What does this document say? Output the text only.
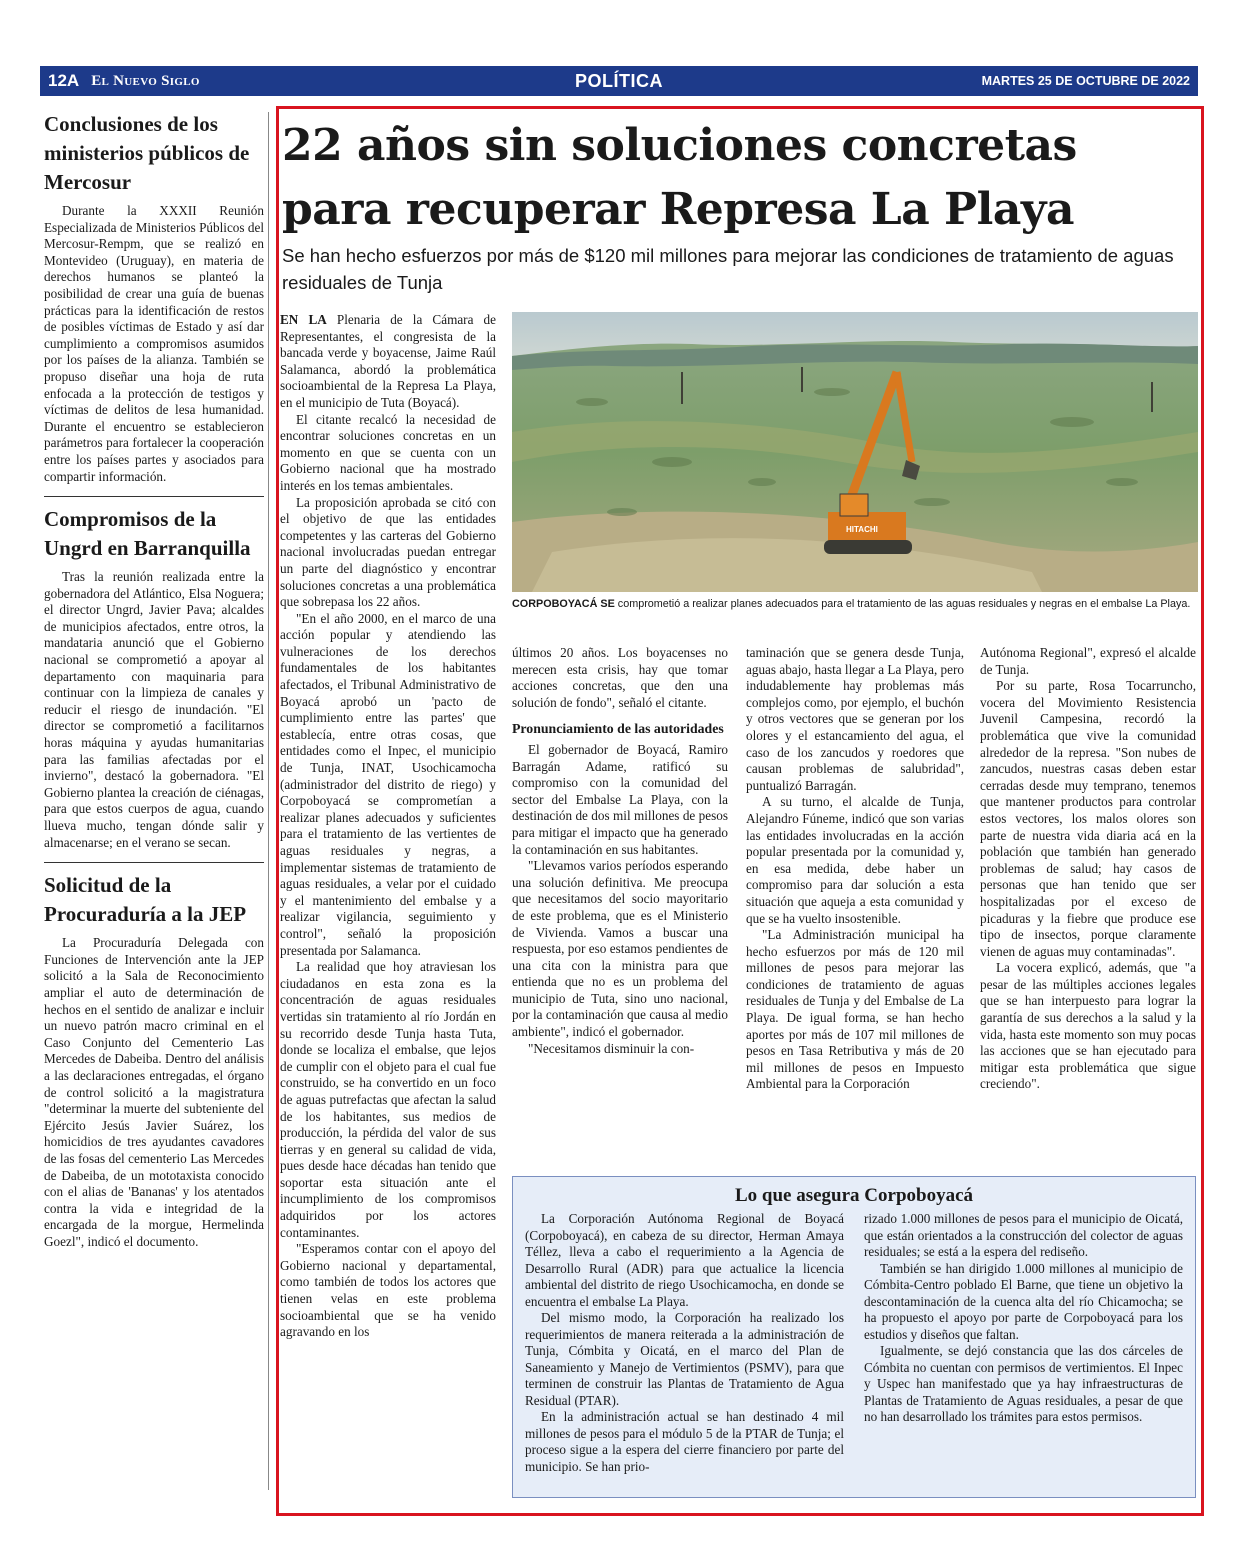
12A El Nuevo Siglo	POLÍTICA	MARTES 25 DE OCTUBRE DE 2022
Conclusiones de los ministerios públicos de Mercosur

Durante la XXXII Reunión Especializada de Ministerios Públicos del Mercosur-Rempm, que se realizó en Montevideo (Uruguay), en materia de derechos humanos se planteó la posibilidad de crear una guía de buenas prácticas para la identificación de restos de posibles víctimas de Estado y así dar cumplimiento a compromisos asumidos por los países de la alianza. También se propuso diseñar una hoja de ruta enfocada a la protección de testigos y víctimas de delitos de lesa humanidad. Durante el encuentro se establecieron parámetros para fortalecer la cooperación entre los países partes y asociados para compartir información.

Compromisos de la Ungrd en Barranquilla

Tras la reunión realizada entre la gobernadora del Atlántico, Elsa Noguera; el director Ungrd, Javier Pava; alcaldes de municipios afectados, entre otros, la mandataria anunció que el Gobierno nacional se comprometió a apoyar al departamento con maquinaria para continuar con la limpieza de canales y reducir el riesgo de inundación. "El director se comprometió a facilitarnos horas máquina y ayudas humanitarias para las familias afectadas por el invierno", destacó la gobernadora. "El Gobierno plantea la creación de ciénagas, para que estos cuerpos de agua, cuando llueva mucho, tengan dónde salir y almacenarse; en el verano se secan.

Solicitud de la Procuraduría a la JEP

La Procuraduría Delegada con Funciones de Intervención ante la JEP solicitó a la Sala de Reconocimiento ampliar el auto de determinación de hechos en el sentido de analizar e incluir un nuevo patrón macro criminal en el Caso Conjunto del Cementerio Las Mercedes de Dabeiba. Dentro del análisis a las declaraciones entregadas, el órgano de control solicitó a la magistratura "determinar la muerte del subteniente del Ejército Jesús Javier Suárez, los homicidios de tres ayudantes cavadores de las fosas del cementerio Las Mercedes de Dabeiba, de un mototaxista conocido con el alias de 'Bananas' y los atentados contra la vida e integridad de la encargada de la morgue, Hermelinda Goezl", indicó el documento.

22 años sin soluciones concretas para recuperar Represa La Playa
Se han hecho esfuerzos por más de $120 mil millones para mejorar las condiciones de tratamiento de aguas residuales de Tunja
HITACHI
CORPOBOYACÁ SE comprometió a realizar planes adecuados para el tratamiento de las aguas residuales y negras en el embalse La Playa.

EN LA Plenaria de la Cámara de Representantes, el congresista de la bancada verde y boyacense, Jaime Raúl Salamanca, abordó la problemática socioambiental de la Represa La Playa, en el municipio de Tuta (Boyacá).

El citante recalcó la necesidad de encontrar soluciones concretas en un momento en que se cuenta con un Gobierno nacional que ha mostrado interés en los temas ambientales.

La proposición aprobada se citó con el objetivo de que las entidades competentes y las carteras del Gobierno nacional involucradas puedan entregar un parte del diagnóstico y encontrar soluciones concretas a una problemática que sobrepasa los 22 años.

"En el año 2000, en el marco de una acción popular y atendiendo las vulneraciones de los derechos fundamentales de los habitantes afectados, el Tribunal Administrativo de Boyacá aprobó un 'pacto de cumplimiento entre las partes' que establecía, entre otras cosas, que entidades como el Inpec, el municipio de Tunja, INAT, Usochicamocha (administrador del distrito de riego) y Corpoboyacá se comprometían a realizar planes adecuados y suficientes para el tratamiento de las vertientes de aguas residuales y negras, a implementar sistemas de tratamiento de aguas residuales, a velar por el cuidado y el mantenimiento del embalse y a realizar vigilancia, seguimiento y control", señaló la proposición presentada por Salamanca.

La realidad que hoy atraviesan los ciudadanos en esta zona es la concentración de aguas residuales vertidas sin tratamiento al río Jordán en su recorrido desde Tunja hasta Tuta, donde se localiza el embalse, que lejos de cumplir con el objeto para el cual fue construido, se ha convertido en un foco de aguas putrefactas que afectan la salud de los habitantes, sus medios de producción, la pérdida del valor de sus tierras y en general su calidad de vida, pues desde hace décadas han tenido que soportar esta situación ante el incumplimiento de los compromisos adquiridos por los actores contaminantes.

"Esperamos contar con el apoyo del Gobierno nacional y departamental, como también de todos los actores que tienen velas en este problema socioambiental que se ha venido agravando en los

últimos 20 años. Los boyacenses no merecen esta crisis, hay que tomar acciones concretas, que den una solución de fondo", señaló el citante.

Pronunciamiento de las autoridades

El gobernador de Boyacá, Ramiro Barragán Adame, ratificó su compromiso con la comunidad del sector del Embalse La Playa, con la destinación de dos mil millones de pesos para mitigar el impacto que ha generado la contaminación en sus habitantes.

"Llevamos varios períodos esperando una solución definitiva. Me preocupa que necesitamos del socio mayoritario de este problema, que es el Ministerio de Vivienda. Vamos a buscar una respuesta, por eso estamos pendientes de una cita con la ministra para que entienda que no es un problema del municipio de Tuta, sino uno nacional, por la contaminación que causa al medio ambiente", indicó el gobernador.

"Necesitamos disminuir la con-

taminación que se genera desde Tunja, aguas abajo, hasta llegar a La Playa, pero indudablemente hay problemas más complejos como, por ejemplo, el buchón y otros vectores que se generan por los olores y el estancamiento del agua, el caso de los zancudos y roedores que causan problemas de salubridad", puntualizó Barragán.

A su turno, el alcalde de Tunja, Alejandro Fúneme, indicó que son varias las entidades involucradas en la acción popular presentada por la comunidad y, en esa medida, debe haber un compromiso para dar solución a esta situación que aqueja a esta comunidad y que se ha vuelto insostenible.

"La Administración municipal ha hecho esfuerzos por más de 120 mil millones de pesos para mejorar las condiciones de tratamiento de aguas residuales de Tunja y del Embalse de La Playa. De igual forma, se han hecho aportes por más de 107 mil millones de pesos en Tasa Retributiva y más de 20 mil millones de pesos en Impuesto Ambiental para la Corporación

Autónoma Regional", expresó el alcalde de Tunja.

Por su parte, Rosa Tocarruncho, vocera del Movimiento Resistencia Juvenil Campesina, recordó la problemática que vive la comunidad alrededor de la represa. "Son nubes de zancudos, nuestras casas deben estar cerradas desde muy temprano, tenemos que mantener productos para controlar estos vectores, los malos olores son parte de nuestra vida diaria acá en la población que también han generado problemas de salud; hay casos de personas que han tenido que ser hospitalizadas por el exceso de picaduras y la fiebre que produce ese tipo de insectos, porque claramente vienen de aguas muy contaminadas".

La vocera explicó, además, que "a pesar de las múltiples acciones legales que se han interpuesto para lograr la garantía de sus derechos a la salud y la vida, hasta este momento son muy pocas las acciones que se han ejecutado para mitigar esta problemática que sigue creciendo".

Lo que asegura Corpoboyacá

La Corporación Autónoma Regional de Boyacá (Corpoboyacá), en cabeza de su director, Herman Amaya Téllez, lleva a cabo el requerimiento a la Agencia de Desarrollo Rural (ADR) para que actualice la licencia ambiental del distrito de riego Usochicamocha, en donde se encuentra el embalse La Playa.

Del mismo modo, la Corporación ha realizado los requerimientos de manera reiterada a la administración de Tunja, Cómbita y Oicatá, en el marco del Plan de Saneamiento y Manejo de Vertimientos (PSMV), para que terminen de construir las Plantas de Tratamiento de Agua Residual (PTAR).

En la administración actual se han destinado 4 mil millones de pesos para el módulo 5 de la PTAR de Tunja; el proceso sigue a la espera del cierre financiero por parte del municipio. Se han prio-

rizado 1.000 millones de pesos para el municipio de Oicatá, que están orientados a la construcción del colector de aguas residuales; se está a la espera del rediseño.

También se han dirigido 1.000 millones al municipio de Cómbita-Centro poblado El Barne, que tiene un objetivo la descontaminación de la cuenca alta del río Chicamocha; se ha propuesto el apoyo por parte de Corpoboyacá para los estudios y diseños que faltan.

Igualmente, se dejó constancia que las dos cárceles de Cómbita no cuentan con permisos de vertimientos. El Inpec y Uspec han manifestado que ya hay infraestructuras de Plantas de Tratamiento de Aguas residuales, a pesar de que no han desarrollado los trámites para estos permisos.
